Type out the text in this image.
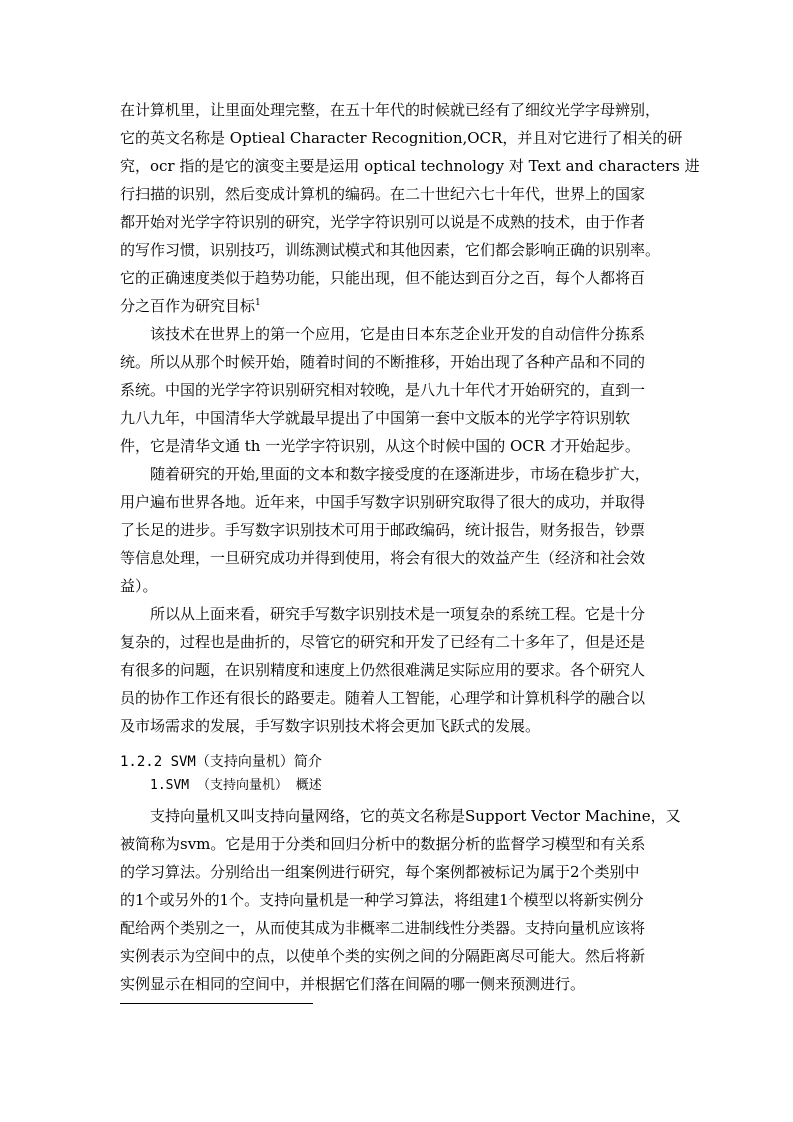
在计算机里，让里面处理完整，在五十年代的时候就已经有了细纹光学字母辨别，
它的英文名称是 Optieal Character Recognition,OCR，并且对它进行了相关的研
究，ocr 指的是它的演变主要是运用 optical technology 对 Text and characters 进
行扫描的识别，然后变成计算机的编码。在二十世纪六七十年代，世界上的国家
都开始对光学字符识别的研究，光学字符识别可以说是不成熟的技术，由于作者
的写作习惯，识别技巧，训练测试模式和其他因素，它们都会影响正确的识别率。
它的正确速度类似于趋势功能，只能出现，但不能达到百分之百，每个人都将百
分之百作为研究目标$^1$
该技术在世界上的第一个应用，它是由日本东芝企业开发的自动信件分拣系
统。所以从那个时候开始，随着时间的不断推移，开始出现了各种产品和不同的
系统。中国的光学字符识别研究相对较晚，是八九十年代才开始研究的，直到一
九八九年，中国清华大学就最早提出了中国第一套中文版本的光学字符识别软
件，它是清华文通 th 一光学字符识别，从这个时候中国的 OCR 才开始起步。
随着研究的开始,里面的文本和数字接受度的在逐渐进步，市场在稳步扩大，
用户遍布世界各地。近年来，中国手写数字识别研究取得了很大的成功，并取得
了长足的进步。手写数字识别技术可用于邮政编码，统计报告，财务报告，钞票
等信息处理，一旦研究成功并得到使用，将会有很大的效益产生（经济和社会效
益）。
所以从上面来看，研究手写数字识别技术是一项复杂的系统工程。它是十分
复杂的，过程也是曲折的，尽管它的研究和开发了已经有二十多年了，但是还是
有很多的问题，在识别精度和速度上仍然很难满足实际应用的要求。各个研究人
员的协作工作还有很长的路要走。随着人工智能，心理学和计算机科学的融合以
及市场需求的发展，手写数字识别技术将会更加飞跃式的发展。
1.2.2 SVM（支持向量机）简介
1.SVM （支持向量机） 概述
支持向量机又叫支持向量网络，它的英文名称是Support Vector Machine，又
被简称为svm。它是用于分类和回归分析中的数据分析的监督学习模型和有关系
的学习算法。分别给出一组案例进行研究，每个案例都被标记为属于2个类别中
的1个或另外的1个。支持向量机是一种学习算法，将组建1个模型以将新实例分
配给两个类别之一，从而使其成为非概率二进制线性分类器。支持向量机应该将
实例表示为空间中的点，以使单个类的实例之间的分隔距离尽可能大。然后将新
实例显示在相同的空间中，并根据它们落在间隔的哪一侧来预测进行。
